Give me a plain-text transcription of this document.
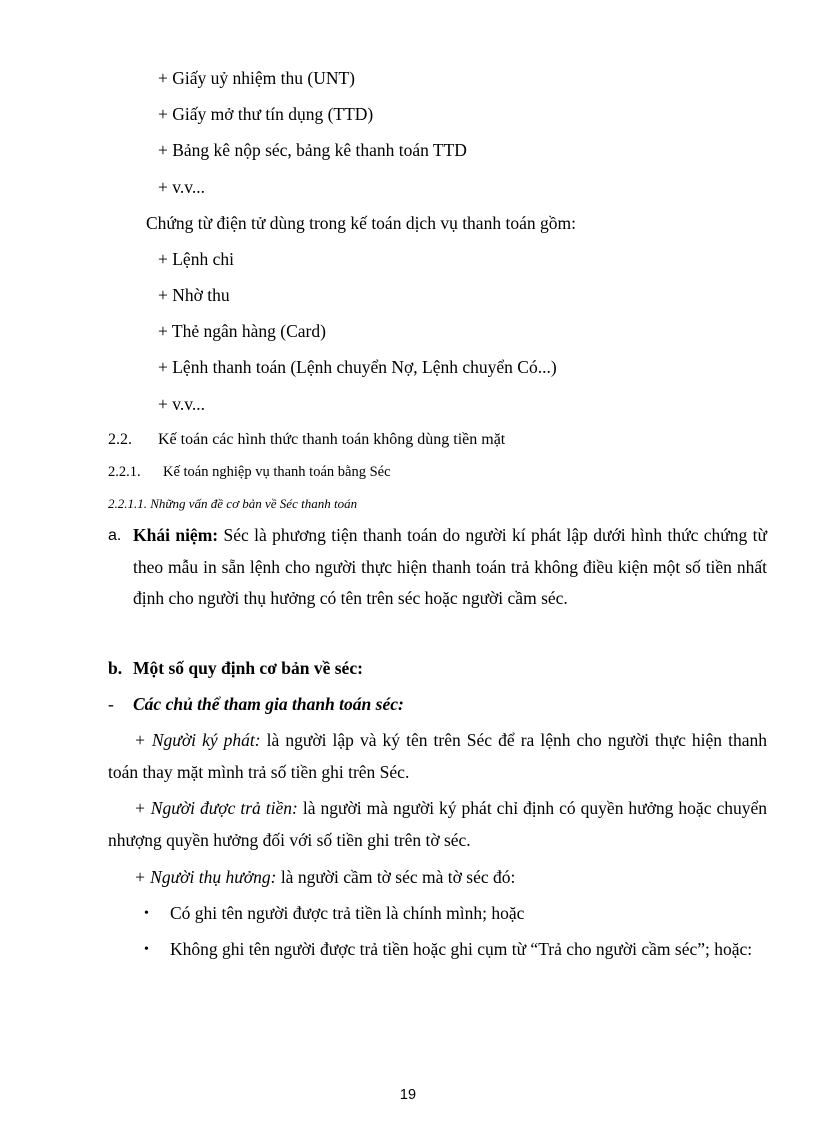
+ Giấy uỷ nhiệm thu (UNT)
+ Giấy mở thư tín dụng (TTD)
+ Bảng kê nộp séc, bảng kê thanh toán TTD
+ v.v...
Chứng từ điện tử dùng trong kế toán dịch vụ thanh toán gồm:
+ Lệnh chi
+ Nhờ thu
+ Thẻ ngân hàng (Card)
+ Lệnh thanh toán (Lệnh chuyển Nợ, Lệnh chuyển Có...)
+ v.v...
2.2. Kế toán các hình thức thanh toán không dùng tiền mặt
2.2.1. Kế toán nghiệp vụ thanh toán bằng Séc
2.2.1.1. Những vấn đề cơ bản về Séc thanh toán
a. Khái niệm: Séc là phương tiện thanh toán do người kí phát lập dưới hình thức chứng từ theo mẫu in sẵn lệnh cho người thực hiện thanh toán trả không điều kiện một số tiền nhất định cho người thụ hưởng có tên trên séc hoặc người cầm séc.
b. Một số quy định cơ bản về séc:
- Các chủ thể tham gia thanh toán séc:
+ Người ký phát: là người lập và ký tên trên Séc để ra lệnh cho người thực hiện thanh toán thay mặt mình trả số tiền ghi trên Séc.
+ Người được trả tiền: là người mà người ký phát chỉ định có quyền hưởng hoặc chuyển nhượng quyền hưởng đối với số tiền ghi trên tờ séc.
+ Người thụ hưởng: là người cầm tờ séc mà tờ séc đó:
• Có ghi tên người được trả tiền là chính mình; hoặc
• Không ghi tên người được trả tiền hoặc ghi cụm từ “Trả cho người cầm séc”; hoặc:
19
